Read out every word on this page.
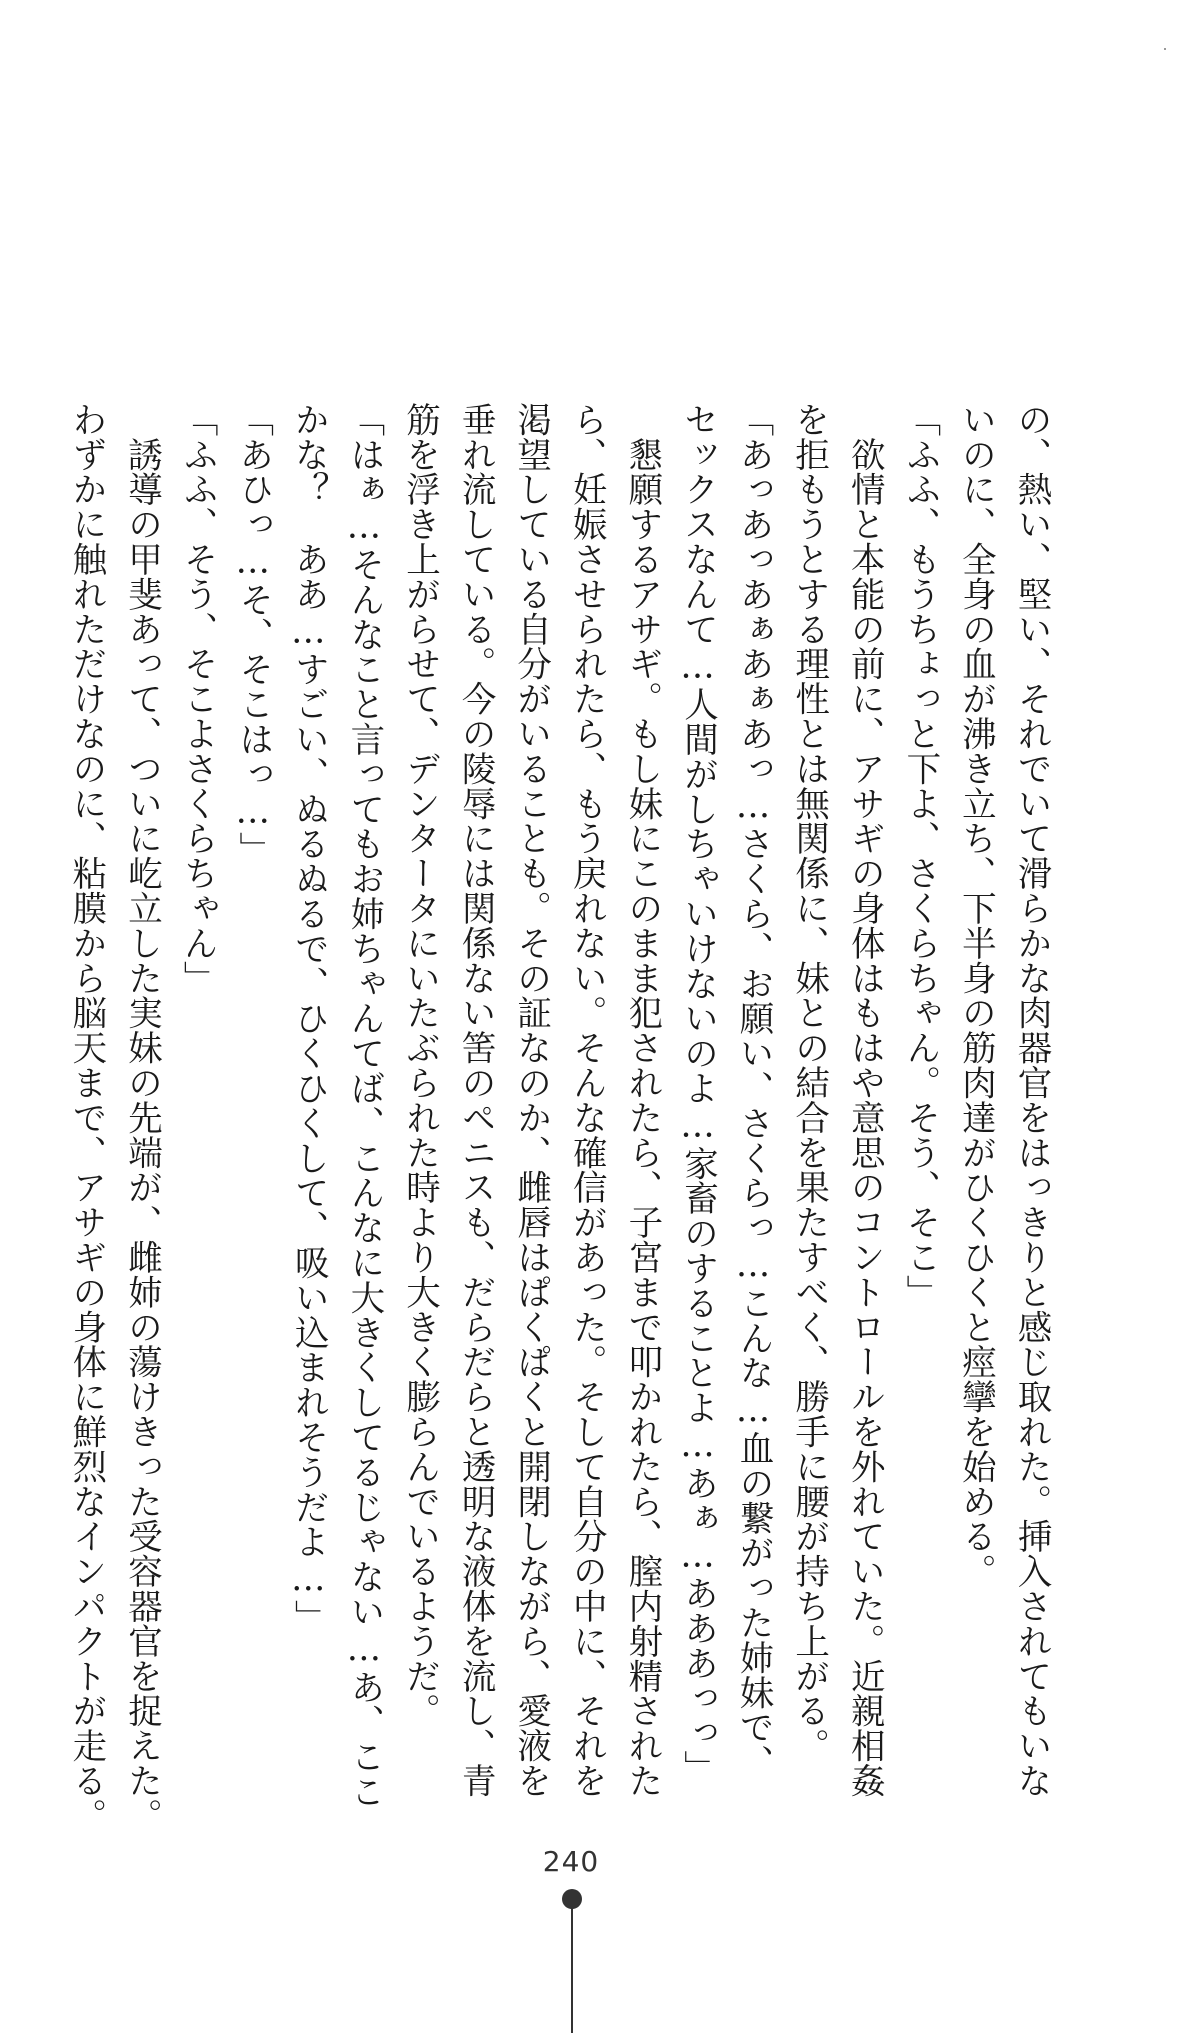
の、熱い、堅い、それでいて滑らかな肉器官をはっきりと感じ取れた。挿入されてもいな
いのに、全身の血が沸き立ち、下半身の筋肉達がひくひくと痙攣を始める。
「ふふ、もうちょっと下よ、さくらちゃん。そう、そこ」
　欲情と本能の前に、アサギの身体はもはや意思のコントロールを外れていた。近親相姦
を拒もうとする理性とは無関係に、妹との結合を果たすべく、勝手に腰が持ち上がる。
「あっあっあぁあぁあっ…さくら、お願い、さくらっ…こんな…血の繋がった姉妹で、
セックスなんて…人間がしちゃいけないのよ…家畜のすることよ…あぁ…あああっっ」
　懇願するアサギ。もし妹にこのまま犯されたら、子宮まで叩かれたら、膣内射精された
ら、妊娠させられたら、もう戻れない。そんな確信があった。そして自分の中に、それを
渇望している自分がいることも。その証なのか、雌唇はぱくぱくと開閉しながら、愛液を
垂れ流している。今の陵辱には関係ない筈のペニスも、だらだらと透明な液体を流し、青
筋を浮き上がらせて、デンタータにいたぶられた時より大きく膨らんでいるようだ。
「はぁ…そんなこと言ってもお姉ちゃんてば、こんなに大きくしてるじゃない…あ、ここ
かな？　ああ…すごい、ぬるぬるで、ひくひくして、吸い込まれそうだよ…」
「あひっ…そ、そこはっ…」
「ふふ、そう、そこよさくらちゃん」
　誘導の甲斐あって、ついに屹立した実妹の先端が、雌姉の蕩けきった受容器官を捉えた。
わずかに触れただけなのに、粘膜から脳天まで、アサギの身体に鮮烈なインパクトが走る。
240
